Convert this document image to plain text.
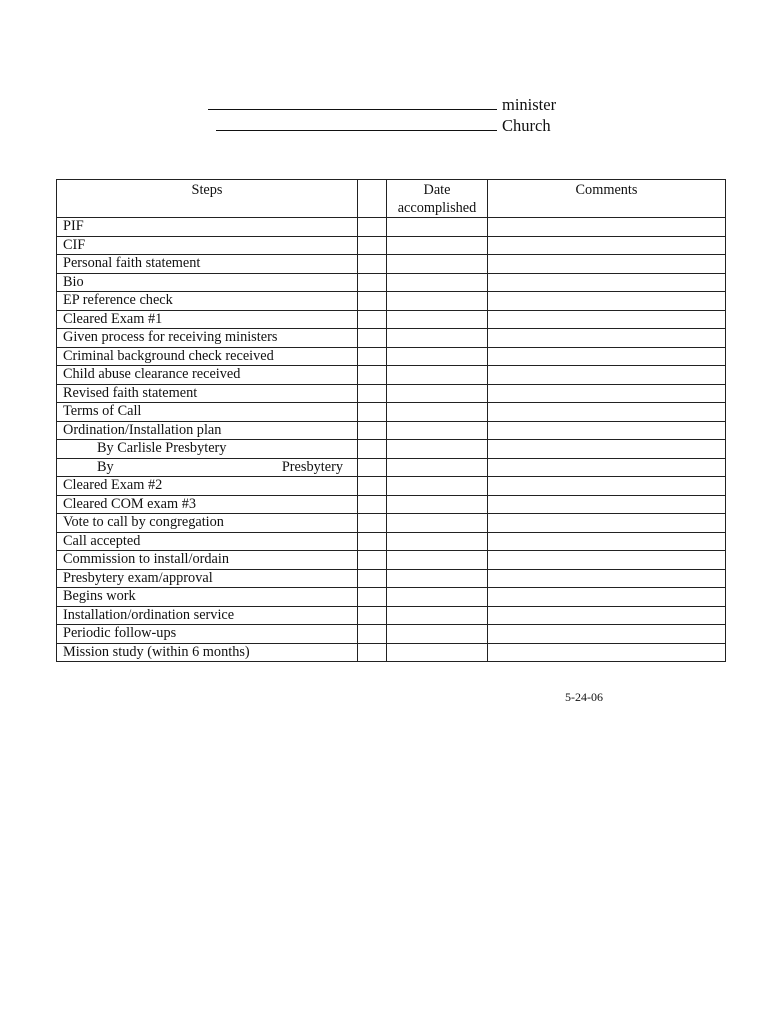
minister
Church
Steps		Date accomplished	Comments
PIF			
CIF			
Personal faith statement			
Bio			
EP reference check			
Cleared Exam #1			
Given process for receiving ministers			
Criminal background check received			
Child abuse clearance received			
Revised faith statement			
Terms of Call			
Ordination/Installation plan			
By Carlisle Presbytery			
By Presbytery			

Cleared Exam #2			
Cleared COM exam #3			
Vote to call by congregation			
Call accepted			
Commission to install/ordain			
Presbytery exam/approval			
Begins work			
Installation/ordination service			
Periodic follow-ups			
Mission study (within 6 months)			
5-24-06
